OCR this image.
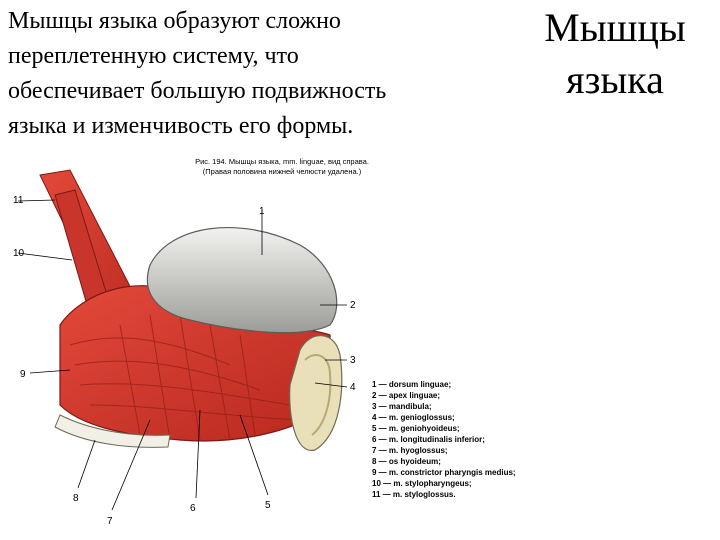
Мышцы языка образуют сложно
переплетенную систему, что
обеспечивает большую подвижность
языка и изменчивость его формы.
Мышцы
языка
Рис. 194. Мышцы языка, mm. linguae, вид справа.
(Правая половина нижней челюсти удалена.)
1
2
3
4
5
6
7
8
9
10
11
1 — dorsum linguae;
2 — apex linguae;
3 — mandibula;
4 — m. genioglossus;
5 — m. geniohyoideus;
6 — m. longitudinalis inferior;
7 — m. hyoglossus;
8 — os hyoideum;
9 — m. constrictor pharyngis medius;
10 — m. stylopharyngeus;
11 — m. styloglossus.
